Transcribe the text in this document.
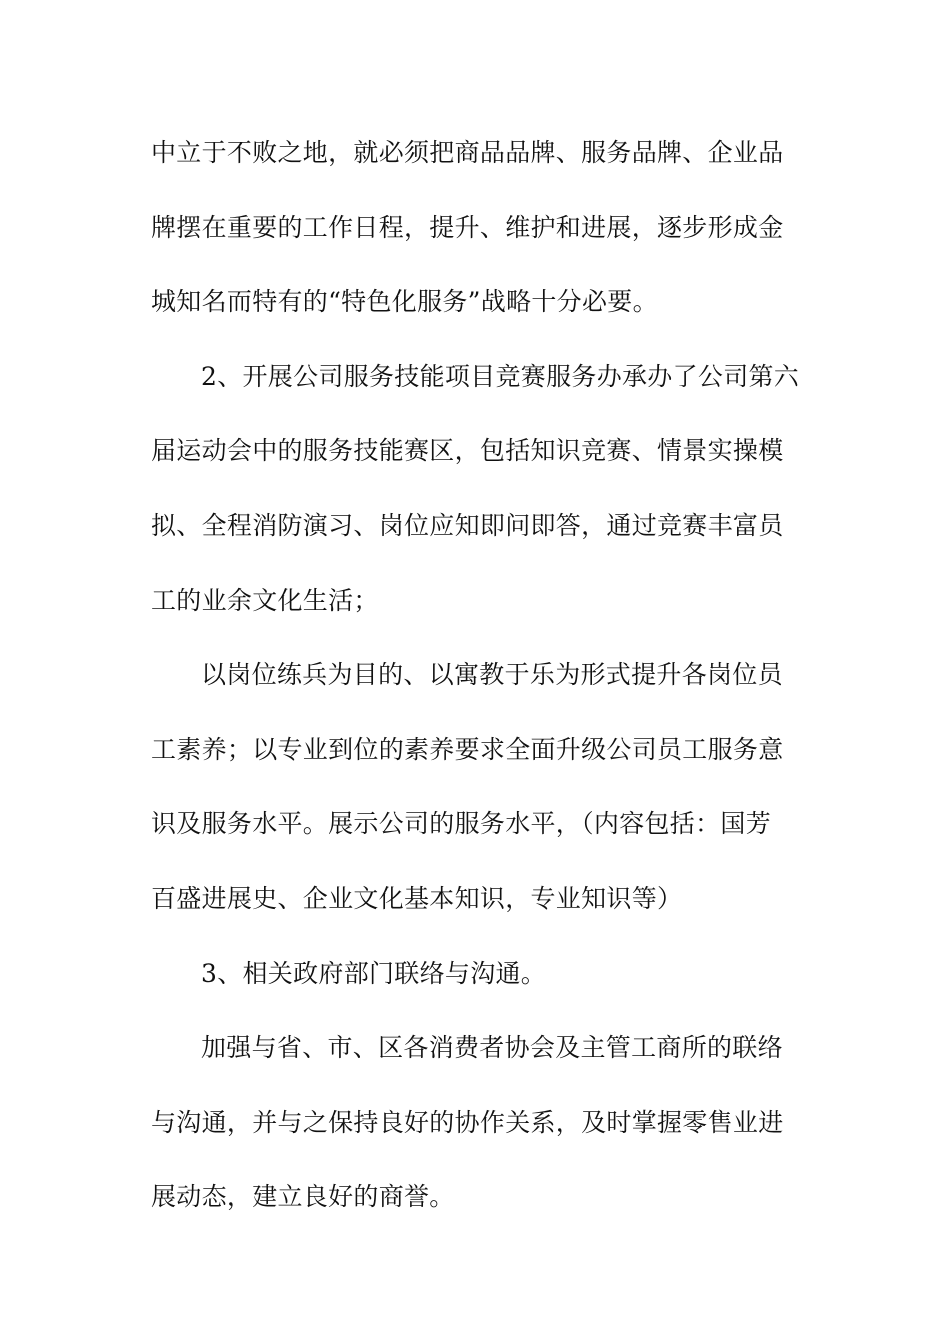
中立于不败之地，就必须把商品品牌、服务品牌、企业品
牌摆在重要的工作日程，提升、维护和进展，逐步形成金
城知名而特有的“特色化服务”战略十分必要。
2、开展公司服务技能项目竞赛服务办承办了公司第六
届运动会中的服务技能赛区，包括知识竞赛、情景实操模
拟、全程消防演习、岗位应知即问即答，通过竞赛丰富员
工的业余文化生活；
以岗位练兵为目的、以寓教于乐为形式提升各岗位员
工素养；以专业到位的素养要求全面升级公司员工服务意
识及服务水平。展示公司的服务水平，（内容包括：国芳
百盛进展史、企业文化基本知识，专业知识等）
3、相关政府部门联络与沟通。
加强与省、市、区各消费者协会及主管工商所的联络
与沟通，并与之保持良好的协作关系，及时掌握零售业进
展动态，建立良好的商誉。
